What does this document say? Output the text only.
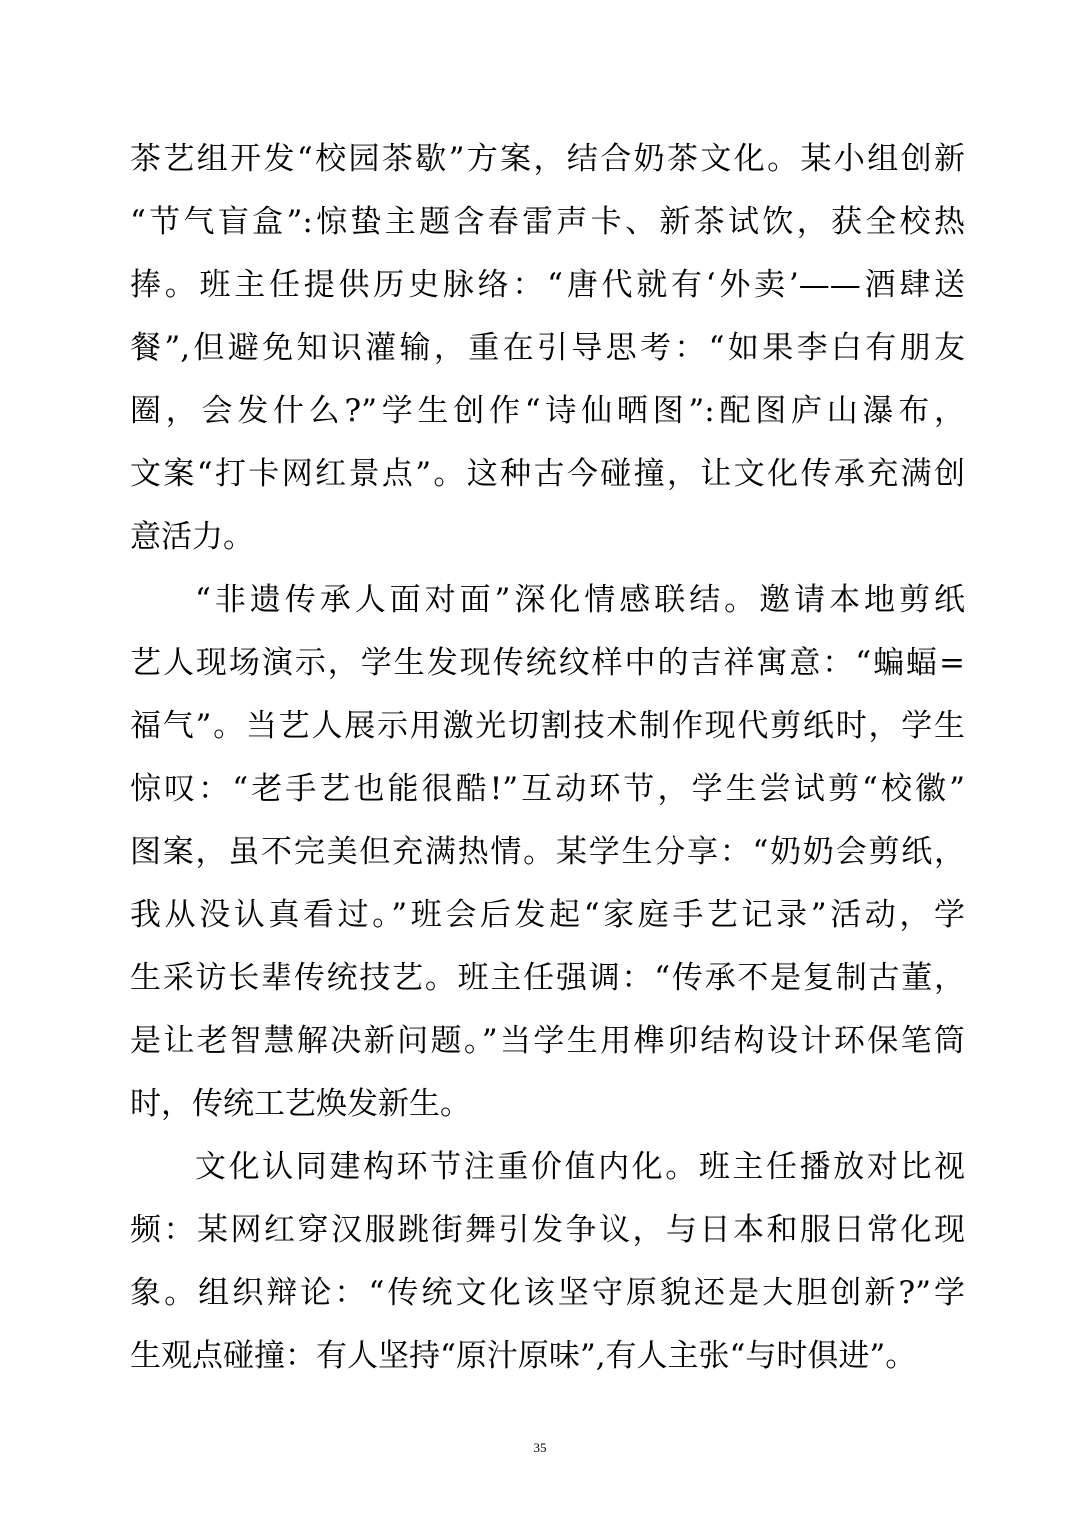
茶艺组开发“校园茶歇”方案，结合奶茶文化。某小组创新
“节气盲盒”:惊蛰主题含春雷声卡、新茶试饮，获全校热
捧。班主任提供历史脉络：“唐代就有‘外卖’——酒肆送
餐”,但避免知识灌输，重在引导思考：“如果李白有朋友
圈，会发什么?”学生创作“诗仙晒图”:配图庐山瀑布，
文案“打卡网红景点”。这种古今碰撞，让文化传承充满创
意活力。
“非遗传承人面对面”深化情感联结。邀请本地剪纸
艺人现场演示，学生发现传统纹样中的吉祥寓意：“蝙蝠=
福气”。当艺人展示用激光切割技术制作现代剪纸时，学生
惊叹：“老手艺也能很酷!”互动环节，学生尝试剪“校徽”
图案，虽不完美但充满热情。某学生分享：“奶奶会剪纸，
我从没认真看过。”班会后发起“家庭手艺记录”活动，学
生采访长辈传统技艺。班主任强调：“传承不是复制古董，
是让老智慧解决新问题。”当学生用榫卯结构设计环保笔筒
时，传统工艺焕发新生。
文化认同建构环节注重价值内化。班主任播放对比视
频：某网红穿汉服跳街舞引发争议，与日本和服日常化现
象。组织辩论：“传统文化该坚守原貌还是大胆创新?”学
生观点碰撞：有人坚持“原汁原味”,有人主张“与时俱进”。
35
